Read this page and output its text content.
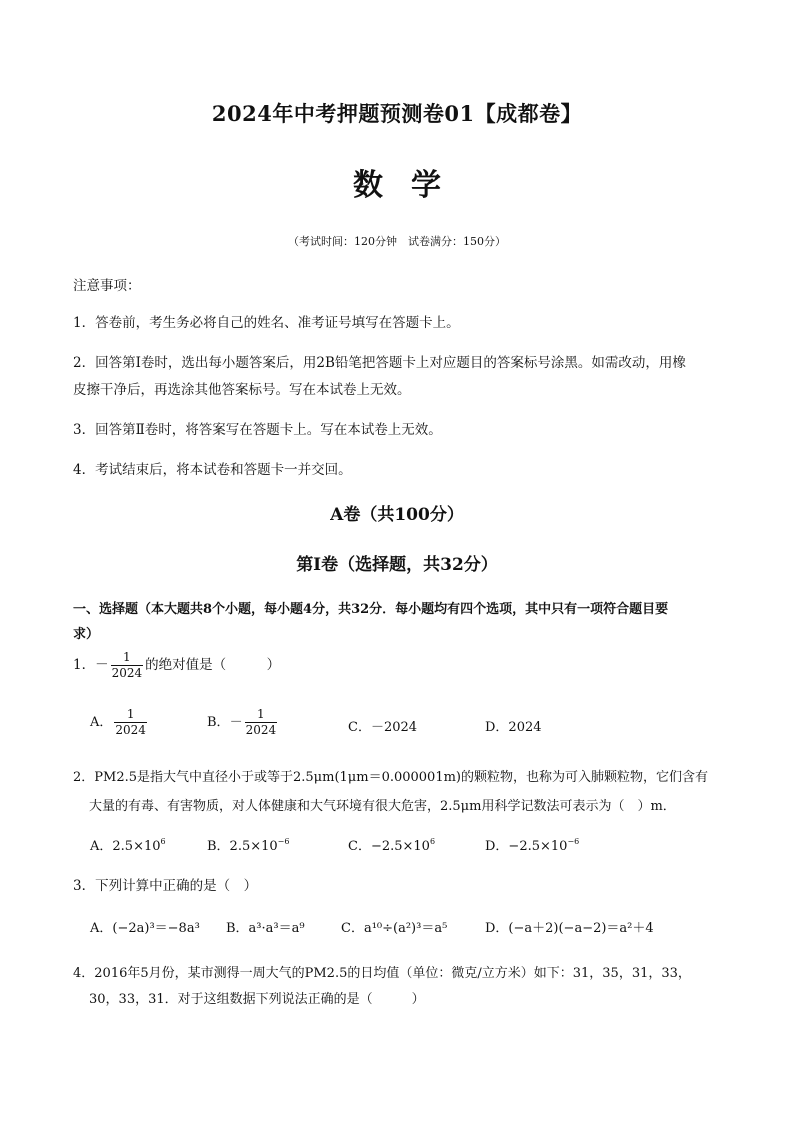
2024年中考押题预测卷01【成都卷】
数学
（考试时间：120分钟　试卷满分：150分）
注意事项：
1．答卷前，考生务必将自己的姓名、准考证号填写在答题卡上。
2．回答第Ⅰ卷时，选出每小题答案后，用2B铅笔把答题卡上对应题目的答案标号涂黑。如需改动，用橡
皮擦干净后，再选涂其他答案标号。写在本试卷上无效。
3．回答第Ⅱ卷时，将答案写在答题卡上。写在本试卷上无效。
4．考试结束后，将本试卷和答题卡一并交回。
A卷（共100分）
第Ⅰ卷（选择题，共32分）
一、选择题（本大题共8个小题，每小题4分，共32分．每小题均有四个选项，其中只有一项符合题目要
求）
1．－ $\frac{1}{2024}$ 的绝对值是（　　　）
A． $\frac{1}{2024}$	B．－ $\frac{1}{2024}$	C．－2024	D．2024
2．PM2.5是指大气中直径小于或等于2.5μm(1μm＝0.000001m)的颗粒物，也称为可入肺颗粒物，它们含有
大量的有毒、有害物质，对人体健康和大气环境有很大危害，2.5μm用科学记数法可表示为（　）m．
A．$2.5\times 10^6$	B．$2.5\times 10^{-6}$	C．$-2.5\times 10^6$	D．$-2.5\times 10^{-6}$
3．下列计算中正确的是（　）
A．(−2a)³＝−8a³ B．a³·a³＝a⁹	C．a¹⁰÷(a²)³＝a⁵	D．(−a＋2)(−a−2)＝a²＋4
4．2016年5月份，某市测得一周大气的PM2.5的日均值（单位：微克/立方米）如下：31，35，31，33，
30，33，31．对于这组数据下列说法正确的是（　　　）
